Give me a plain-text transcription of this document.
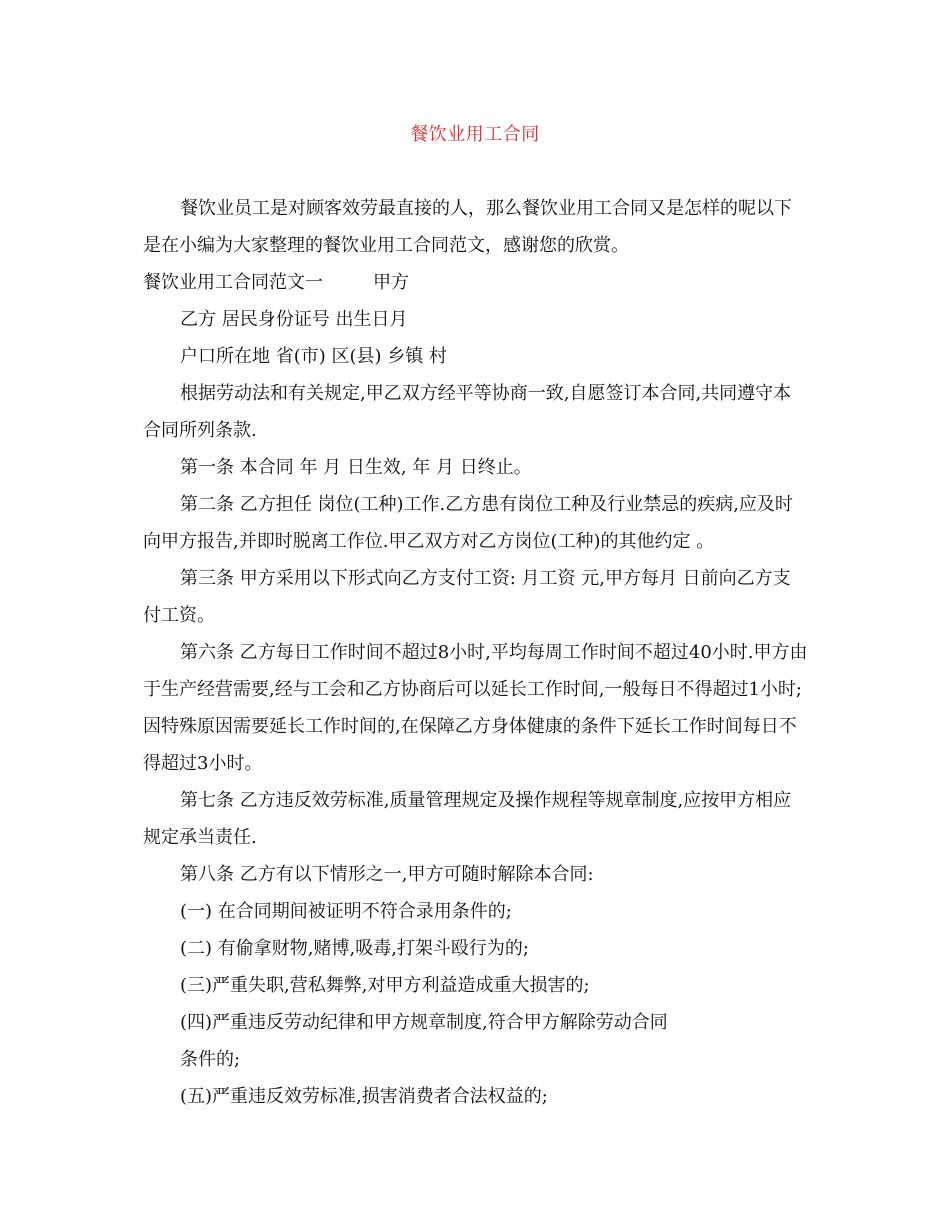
餐饮业用工合同

餐饮业员工是对顾客效劳最直接的人，那么餐饮业用工合同又是怎样的呢以下是在小编为大家整理的餐饮业用工合同范文，感谢您的欣赏。

餐饮业用工合同范文一	甲方

乙方 居民身份证号 出生日月

户口所在地 省(市) 区(县) 乡镇 村

根据劳动法和有关规定,甲乙双方经平等协商一致,自愿签订本合同,共同遵守本合同所列条款.

第一条 本合同 年 月 日生效, 年 月 日终止。

第二条 乙方担任 岗位(工种)工作.乙方患有岗位工种及行业禁忌的疾病,应及时向甲方报告,并即时脱离工作位.甲乙双方对乙方岗位(工种)的其他约定 。

第三条 甲方采用以下形式向乙方支付工资: 月工资 元,甲方每月 日前向乙方支付工资。

第六条 乙方每日工作时间不超过8小时,平均每周工作时间不超过40小时.甲方由于生产经营需要,经与工会和乙方协商后可以延长工作时间,一般每日不得超过1小时;因特殊原因需要延长工作时间的,在保障乙方身体健康的条件下延长工作时间每日不得超过3小时。

第七条 乙方违反效劳标准,质量管理规定及操作规程等规章制度,应按甲方相应规定承当责任.

第八条 乙方有以下情形之一,甲方可随时解除本合同:

(一) 在合同期间被证明不符合录用条件的;

(二) 有偷拿财物,赌博,吸毒,打架斗殴行为的;

(三)严重失职,营私舞弊,对甲方利益造成重大损害的;

(四)严重违反劳动纪律和甲方规章制度,符合甲方解除劳动合同

条件的;

(五)严重违反效劳标准,损害消费者合法权益的;
